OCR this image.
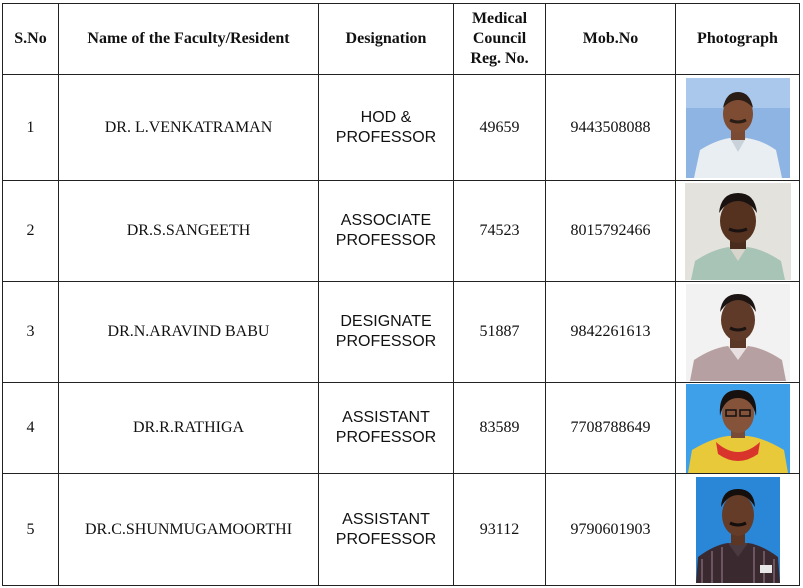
S.No	Name of the Faculty/Resident	Designation	Medical
Council
Reg. No.	Mob.No	Photograph
1	DR. L.VENKATRAMAN	HOD &
PROFESSOR	49659	9443508088	

2	DR.S.SANGEETH	ASSOCIATE
PROFESSOR	74523	8015792466	

3	DR.N.ARAVIND BABU	DESIGNATE
PROFESSOR	51887	9842261613	

4	DR.R.RATHIGA	ASSISTANT
PROFESSOR	83589	7708788649	

5	DR.C.SHUNMUGAMOORTHI	ASSISTANT
PROFESSOR	93112	9790601903	
